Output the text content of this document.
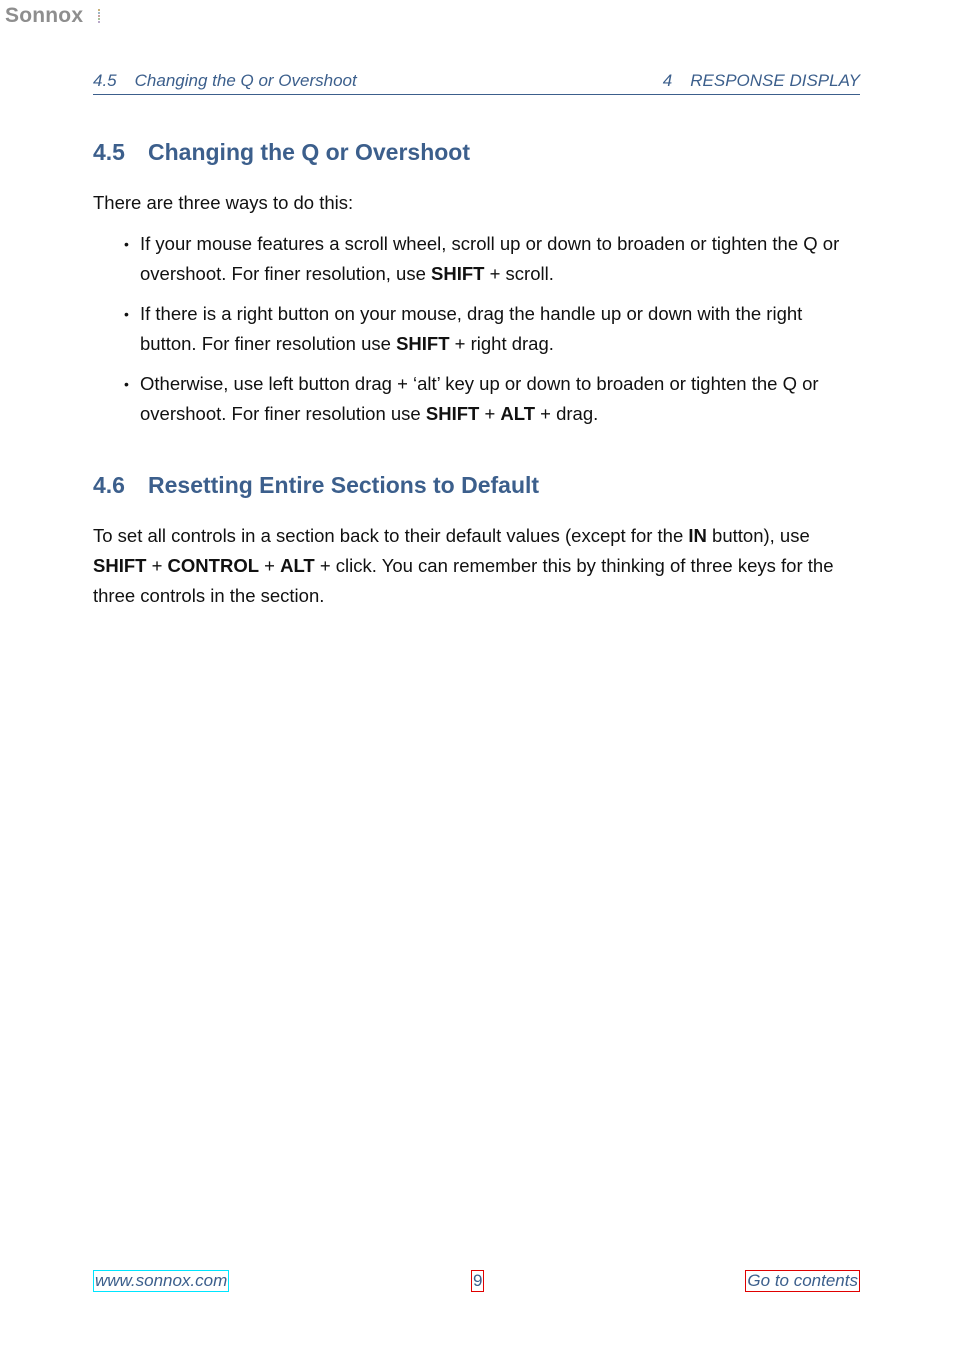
Sonnox
4.5 Changing the Q or Overshoot	4 RESPONSE DISPLAY
4.5 Changing the Q or Overshoot

There are three ways to do this:

• If your mouse features a scroll wheel, scroll up or down to broaden or tighten the Q or overshoot. For finer resolution, use SHIFT + scroll.
• If there is a right button on your mouse, drag the handle up or down with the right button. For finer resolution use SHIFT + right drag.
• Otherwise, use left button drag + ‘alt’ key up or down to broaden or tighten the Q or overshoot. For finer resolution use SHIFT + ALT + drag.
4.6 Resetting Entire Sections to Default

To set all controls in a section back to their default values (except for the IN button), use SHIFT + CONTROL + ALT + click. You can remember this by thinking of three keys for the three controls in the section.

www.sonnox.com	9	Go to contents
